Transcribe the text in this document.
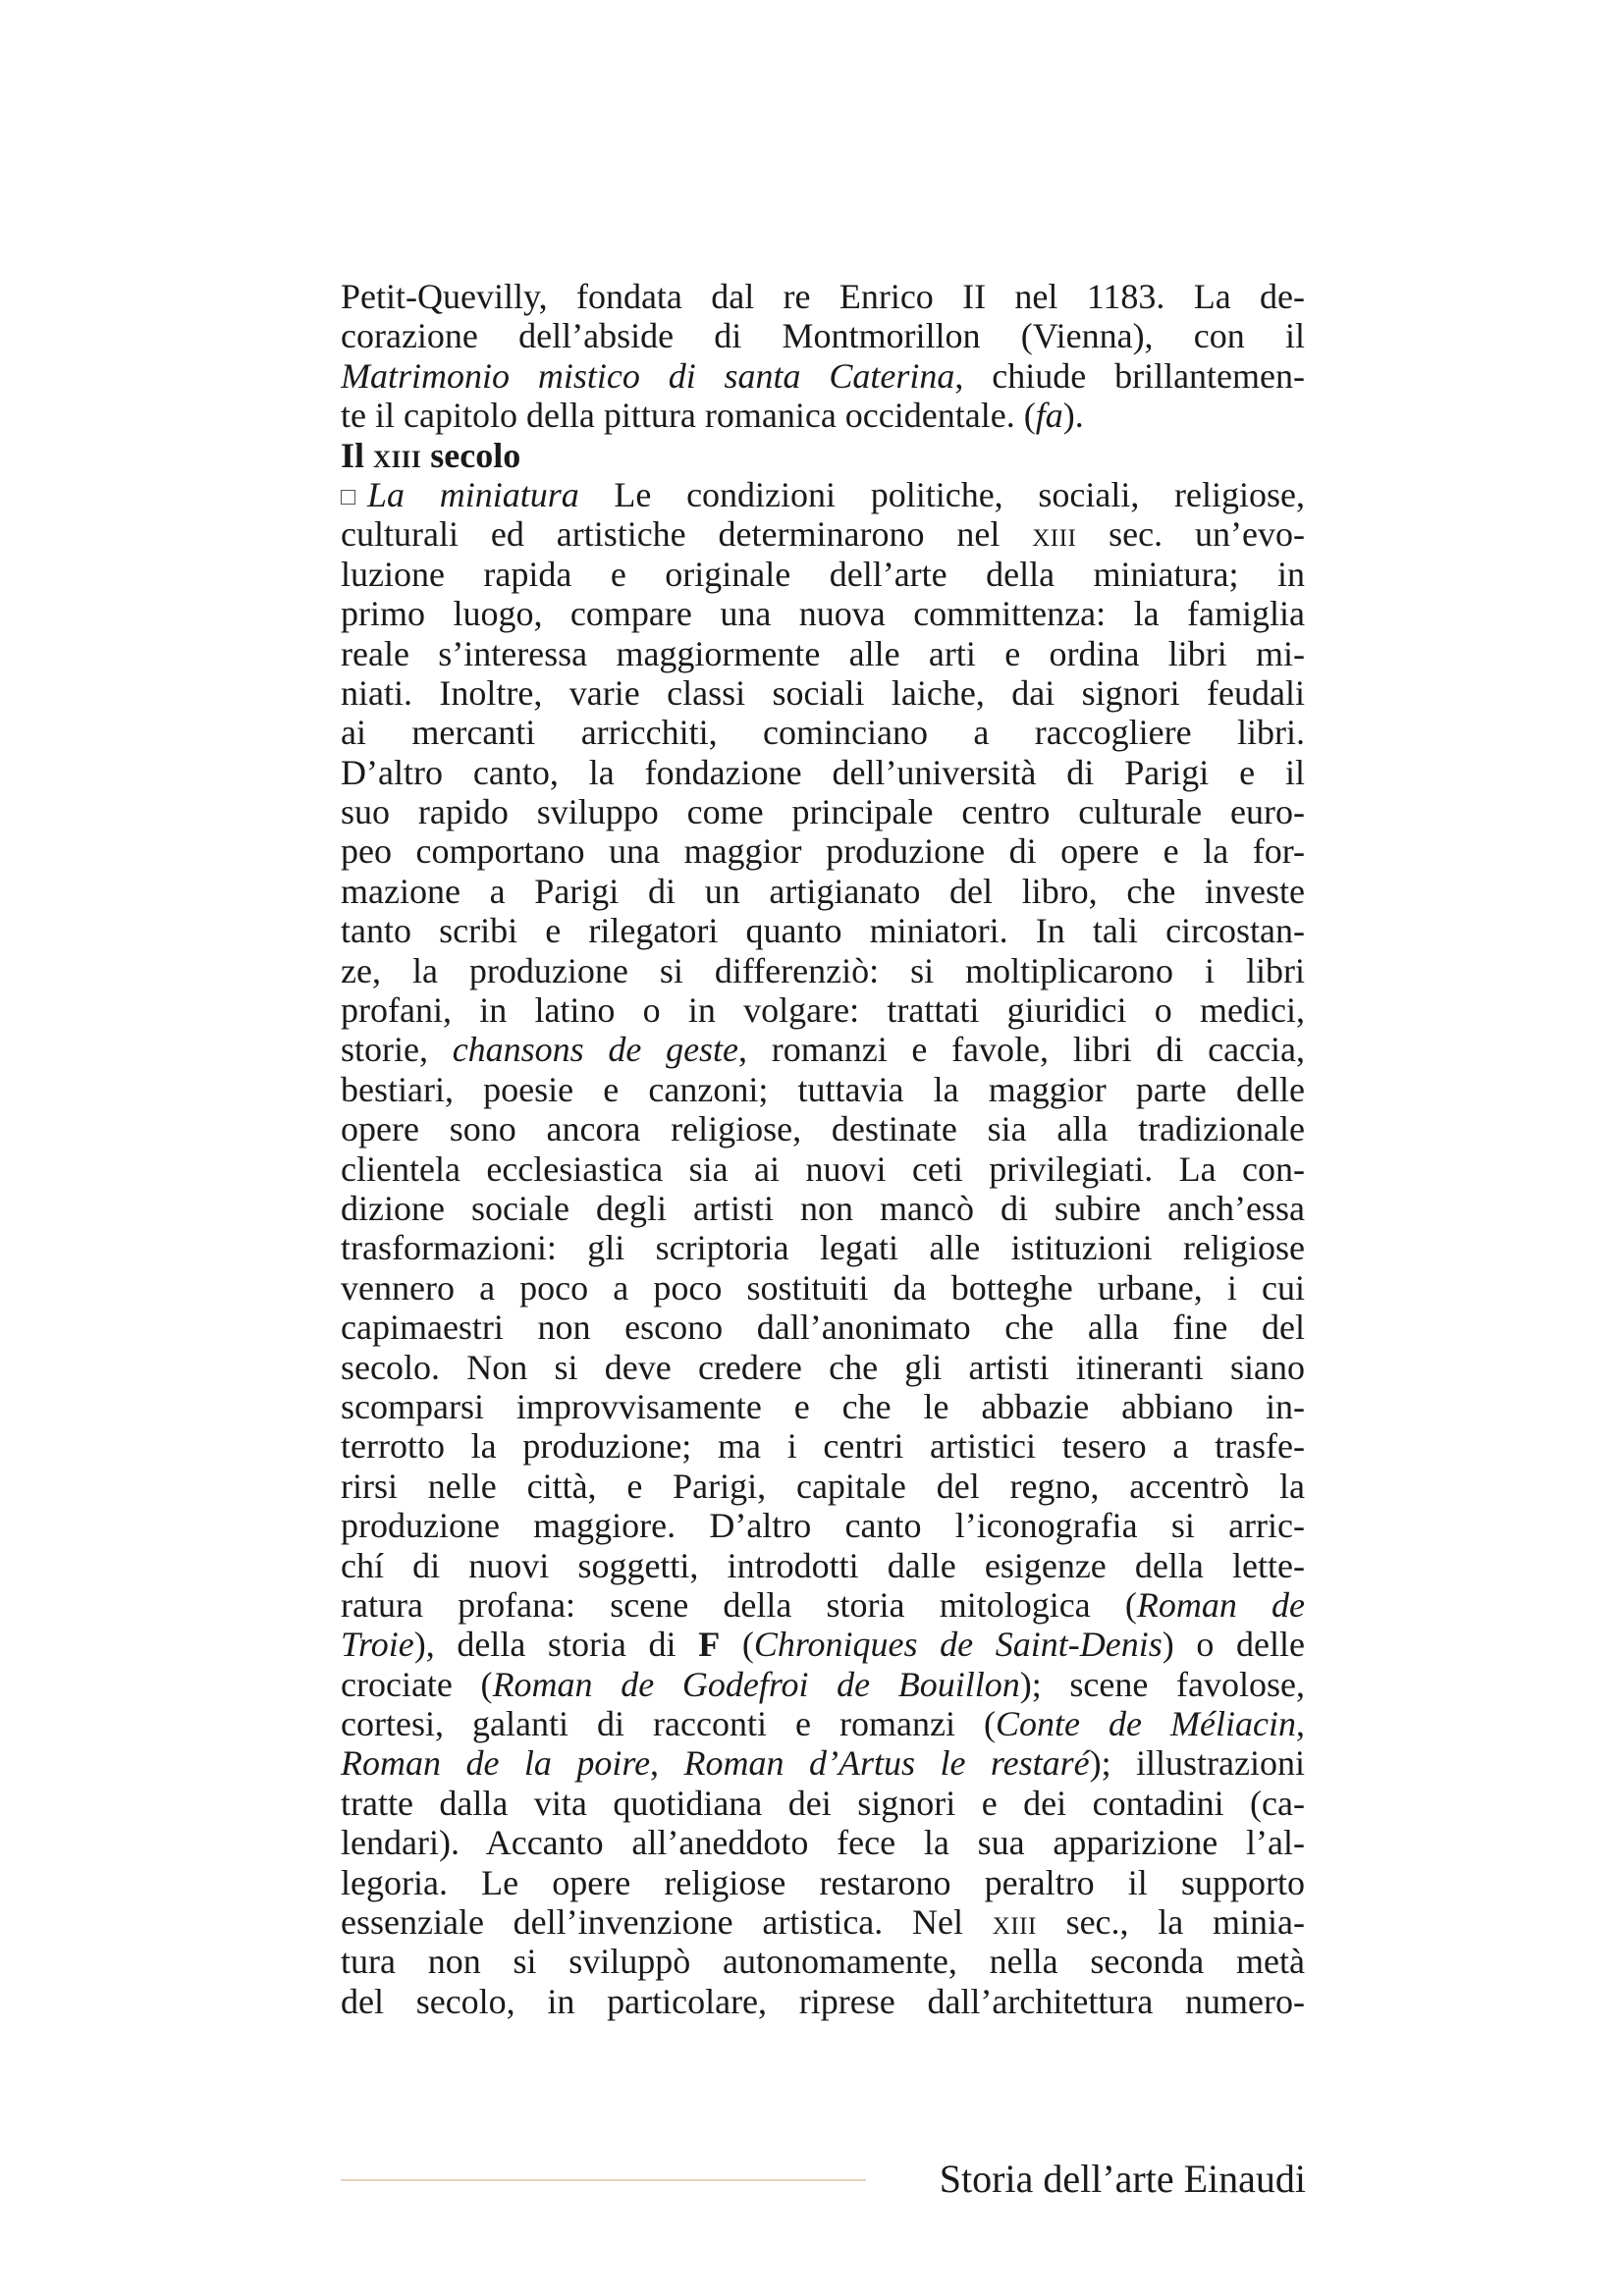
Petit-Quevilly, fondata dal re Enrico II nel 1183. La de-
corazione dell’abside di Montmorillon (Vienna), con il
Matrimonio mistico di santa Caterina, chiude brillantemen-
te il capitolo della pittura romanica occidentale. (fa).
Il xiii secolo
La miniatura Le condizioni politiche, sociali, religiose,
culturali ed artistiche determinarono nel xiii sec. un’evo-
luzione rapida e originale dell’arte della miniatura; in
primo luogo, compare una nuova committenza: la famiglia
reale s’interessa maggiormente alle arti e ordina libri mi-
niati. Inoltre, varie classi sociali laiche, dai signori feudali
ai mercanti arricchiti, cominciano a raccogliere libri.
D’altro canto, la fondazione dell’università di Parigi e il
suo rapido sviluppo come principale centro culturale euro-
peo comportano una maggior produzione di opere e la for-
mazione a Parigi di un artigianato del libro, che investe
tanto scribi e rilegatori quanto miniatori. In tali circostan-
ze, la produzione si differenziò: si moltiplicarono i libri
profani, in latino o in volgare: trattati giuridici o medici,
storie, chansons de geste, romanzi e favole, libri di caccia,
bestiari, poesie e canzoni; tuttavia la maggior parte delle
opere sono ancora religiose, destinate sia alla tradizionale
clientela ecclesiastica sia ai nuovi ceti privilegiati. La con-
dizione sociale degli artisti non mancò di subire anch’essa
trasformazioni: gli scriptoria legati alle istituzioni religiose
vennero a poco a poco sostituiti da botteghe urbane, i cui
capimaestri non escono dall’anonimato che alla fine del
secolo. Non si deve credere che gli artisti itineranti siano
scomparsi improvvisamente e che le abbazie abbiano in-
terrotto la produzione; ma i centri artistici tesero a trasfe-
rirsi nelle città, e Parigi, capitale del regno, accentrò la
produzione maggiore. D’altro canto l’iconografia si arric-
chí di nuovi soggetti, introdotti dalle esigenze della lette-
ratura profana: scene della storia mitologica (Roman de
Troie), della storia di F (Chroniques de Saint-Denis) o delle
crociate (Roman de Godefroi de Bouillon); scene favolose,
cortesi, galanti di racconti e romanzi (Conte de Méliacin,
Roman de la poire, Roman d’Artus le restaré); illustrazioni
tratte dalla vita quotidiana dei signori e dei contadini (ca-
lendari). Accanto all’aneddoto fece la sua apparizione l’al-
legoria. Le opere religiose restarono peraltro il supporto
essenziale dell’invenzione artistica. Nel xiii sec., la minia-
tura non si sviluppò autonomamente, nella seconda metà
del secolo, in particolare, riprese dall’architettura numero-
Storia dell’arte Einaudi
